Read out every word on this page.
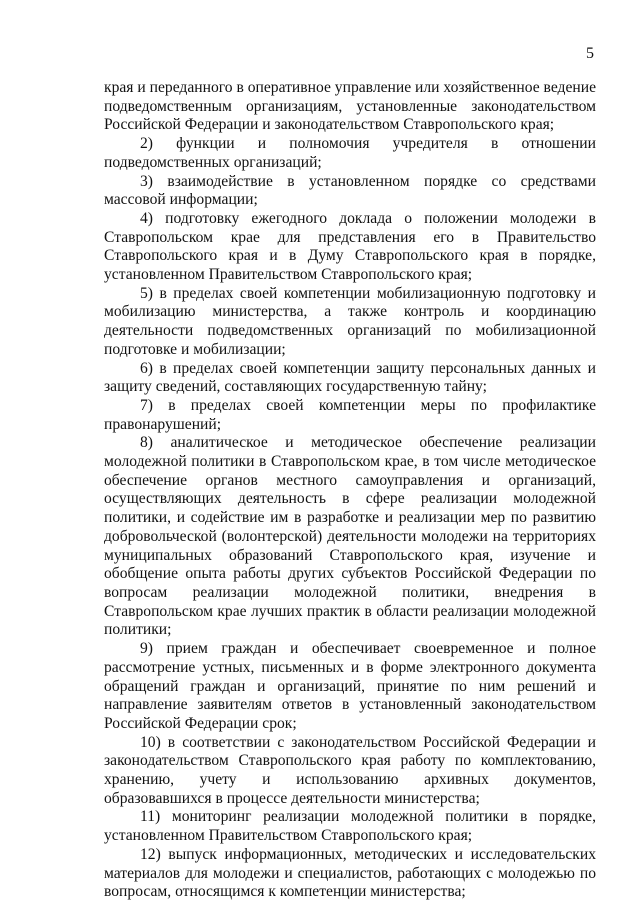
5

края и переданного в оперативное управление или хозяйственное ведение подведомственным организациям, установленные законодательством Российской Федерации и законодательством Ставропольского края;

2) функции и полномочия учредителя в отношении подведомственных организаций;

3) взаимодействие в установленном порядке со средствами массовой информации;

4) подготовку ежегодного доклада о положении молодежи в Ставропольском крае для представления его в Правительство Ставропольского края и в Думу Ставропольского края в порядке, установленном Правительством Ставропольского края;

5) в пределах своей компетенции мобилизационную подготовку и мобилизацию министерства, а также контроль и координацию деятельности подведомственных организаций по мобилизационной подготовке и мобилизации;

6) в пределах своей компетенции защиту персональных данных и защиту сведений, составляющих государственную тайну;

7) в пределах своей компетенции меры по профилактике правонарушений;

8) аналитическое и методическое обеспечение реализации молодежной политики в Ставропольском крае, в том числе методическое обеспечение органов местного самоуправления и организаций, осуществляющих деятельность в сфере реализации молодежной политики, и содействие им в разработке и реализации мер по развитию добровольческой (волонтерской) деятельности молодежи на территориях муниципальных образований Ставропольского края, изучение и обобщение опыта работы других субъектов Российской Федерации по вопросам реализации молодежной политики, внедрения в Ставропольском крае лучших практик в области реализации молодежной политики;

9) прием граждан и обеспечивает своевременное и полное рассмотрение устных, письменных и в форме электронного документа обращений граждан и организаций, принятие по ним решений и направление заявителям ответов в установленный законодательством Российской Федерации срок;

10) в соответствии с законодательством Российской Федерации и законодательством Ставропольского края работу по комплектованию, хранению, учету и использованию архивных документов, образовавшихся в процессе деятельности министерства;

11) мониторинг реализации молодежной политики в порядке, установленном Правительством Ставропольского края;

12) выпуск информационных, методических и исследовательских материалов для молодежи и специалистов, работающих с молодежью по вопросам, относящимся к компетенции министерства;
